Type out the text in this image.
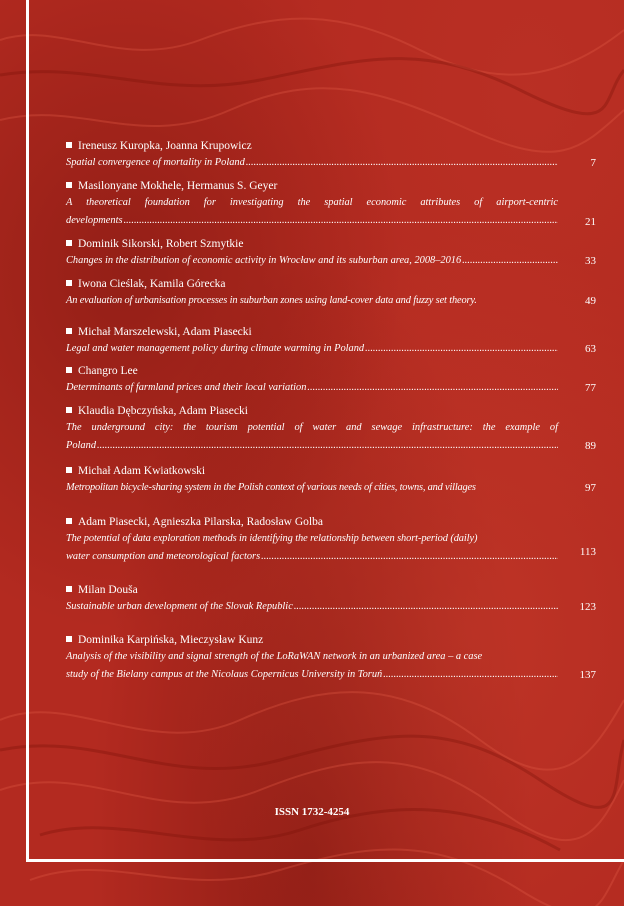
Ireneusz Kuropka, Joanna Krupowicz
Spatial convergence of mortality in Poland .....	7
Masilonyane Mokhele, Hermanus S. Geyer
A theoretical foundation for investigating the spatial economic attributes of airport-centric
developments .....	21
Dominik Sikorski, Robert Szmytkie
Changes in the distribution of economic activity in Wrocław and its suburban area, 2008–2016 .....	33
Iwona Cieślak, Kamila Górecka
An evaluation of urbanisation processes in suburban zones using land-cover data and fuzzy set theory.	49
Michał Marszelewski, Adam Piasecki
Legal and water management policy during climate warming in Poland .....	63
Changro Lee
Determinants of farmland prices and their local variation .....	77
Klaudia Dębczyńska, Adam Piasecki
The underground city: the tourism potential of water and sewage infrastructure: the example of
Poland .....	89
Michał Adam Kwiatkowski
Metropolitan bicycle-sharing system in the Polish context of various needs of cities, towns, and villages	97
Adam Piasecki, Agnieszka Pilarska, Radosław Golba
The potential of data exploration methods in identifying the relationship between short-period (daily)
water consumption and meteorological factors .....	113
Milan Douša
Sustainable urban development of the Slovak Republic .....	123
Dominika Karpińska, Mieczysław Kunz
Analysis of the visibility and signal strength of the LoRaWAN network in an urbanized area – a case
study of the Bielany campus at the Nicolaus Copernicus University in Toruń .....	137
ISSN 1732-4254
